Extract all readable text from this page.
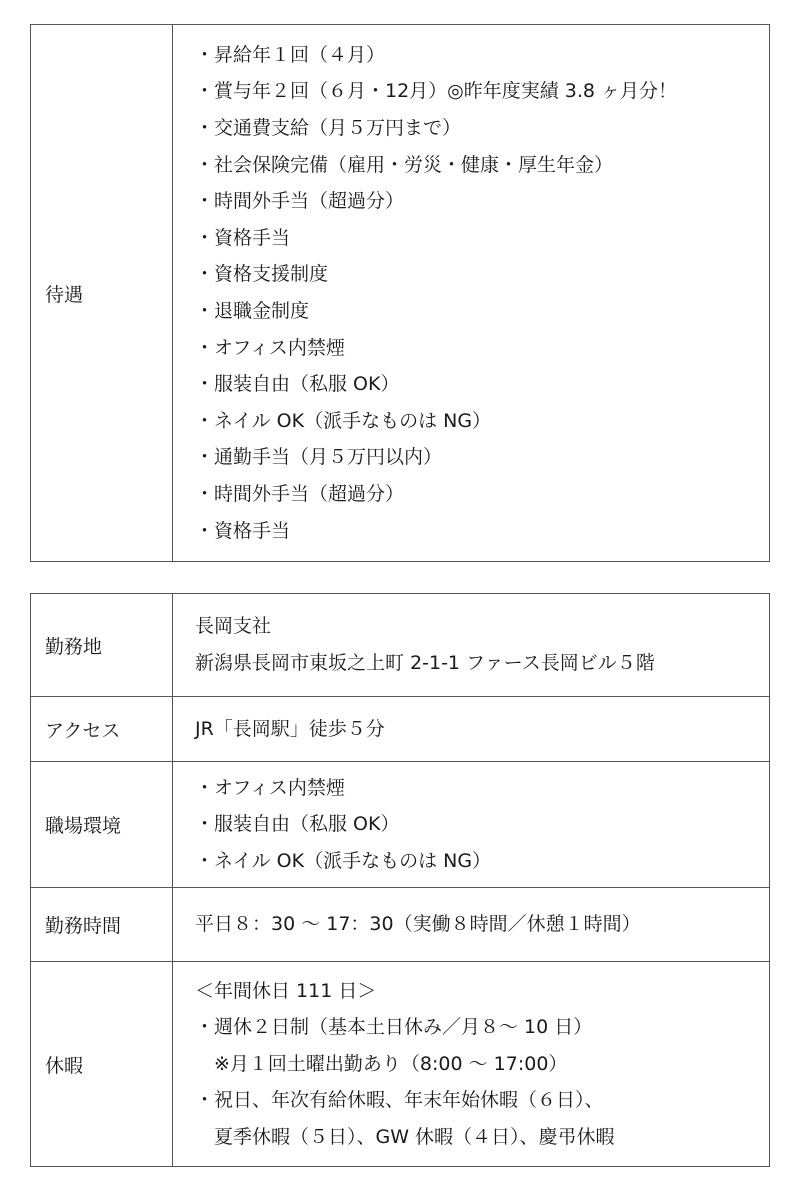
待遇	
・昇給年１回（４月）
・賞与年２回（６月・12月）◎昨年度実績 3.8 ヶ月分！
・交通費支給（月５万円まで）
・社会保険完備（雇用・労災・健康・厚生年金）
・時間外手当（超過分）
・資格手当
・資格支援制度
・退職金制度
・オフィス内禁煙
・服装自由（私服 OK）
・ネイル OK（派手なものは NG）
・通勤手当（月５万円以内）
・時間外手当（超過分）
・資格手当
勤務地	長岡支社
新潟県長岡市東坂之上町 2-1-1 ファース長岡ビル５階

アクセス	JR「長岡駅」徒歩５分

職場環境	・オフィス内禁煙
・服装自由（私服 OK）
・ネイル OK（派手なものは NG）

勤務時間	平日８：30 〜 17：30（実働８時間／休憩１時間）

休暇	＜年間休日 111 日＞
・週休２日制（基本土日休み／月８〜 10 日）
　※月１回土曜出勤あり（8:00 〜 17:00）
・祝日、年次有給休暇、年末年始休暇（６日）、
　夏季休暇（５日）、GW 休暇（４日）、慶弔休暇
